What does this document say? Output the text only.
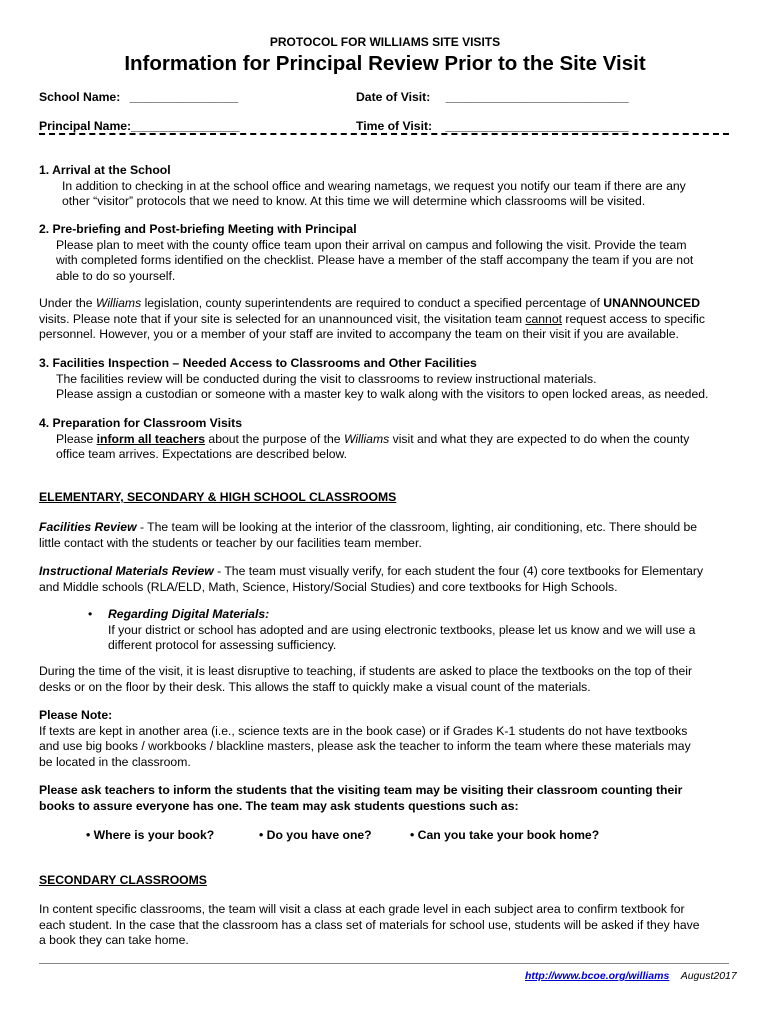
PROTOCOL FOR WILLIAMS SITE VISITS
Information for Principal Review Prior to the Site Visit
School Name: ________________	Date of Visit: ___________________________
Principal Name:________________	Time of Visit: ___________________________
1. Arrival at the School
In addition to checking in at the school office and wearing nametags, we request you notify our team if there are any
other “visitor” protocols that we need to know. At this time we will determine which classrooms will be visited.
2. Pre-briefing and Post-briefing Meeting with Principal
Please plan to meet with the county office team upon their arrival on campus and following the visit. Provide the team
with completed forms identified on the checklist. Please have a member of the staff accompany the team if you are not
able to do so yourself.
Under the Williams legislation, county superintendents are required to conduct a specified percentage of UNANNOUNCED
visits. Please note that if your site is selected for an unannounced visit, the visitation team cannot request access to specific
personnel. However, you or a member of your staff are invited to accompany the team on their visit if you are available.
3. Facilities Inspection – Needed Access to Classrooms and Other Facilities
The facilities review will be conducted during the visit to classrooms to review instructional materials.
Please assign a custodian or someone with a master key to walk along with the visitors to open locked areas, as needed.
4. Preparation for Classroom Visits
Please inform all teachers about the purpose of the Williams visit and what they are expected to do when the county
office team arrives. Expectations are described below.
ELEMENTARY, SECONDARY & HIGH SCHOOL CLASSROOMS
Facilities Review - The team will be looking at the interior of the classroom, lighting, air conditioning, etc. There should be
little contact with the students or teacher by our facilities team member.
Instructional Materials Review - The team must visually verify, for each student the four (4) core textbooks for Elementary
and Middle schools (RLA/ELD, Math, Science, History/Social Studies) and core textbooks for High Schools.
• Regarding Digital Materials:
If your district or school has adopted and are using electronic textbooks, please let us know and we will use a
different protocol for assessing sufficiency.
During the time of the visit, it is least disruptive to teaching, if students are asked to place the textbooks on the top of their
desks or on the floor by their desk. This allows the staff to quickly make a visual count of the materials.
Please Note:
If texts are kept in another area (i.e., science texts are in the book case) or if Grades K-1 students do not have textbooks
and use big books / workbooks / blackline masters, please ask the teacher to inform the team where these materials may
be located in the classroom.
Please ask teachers to inform the students that the visiting team may be visiting their classroom counting their
books to assure everyone has one. The team may ask students questions such as:
• Where is your book?	• Do you have one?	• Can you take your book home?
SECONDARY CLASSROOMS
In content specific classrooms, the team will visit a class at each grade level in each subject area to confirm textbook for
each student. In the case that the classroom has a class set of materials for school use, students will be asked if they have
a book they can take home.
http://www.bcoe.org/williams August2017
